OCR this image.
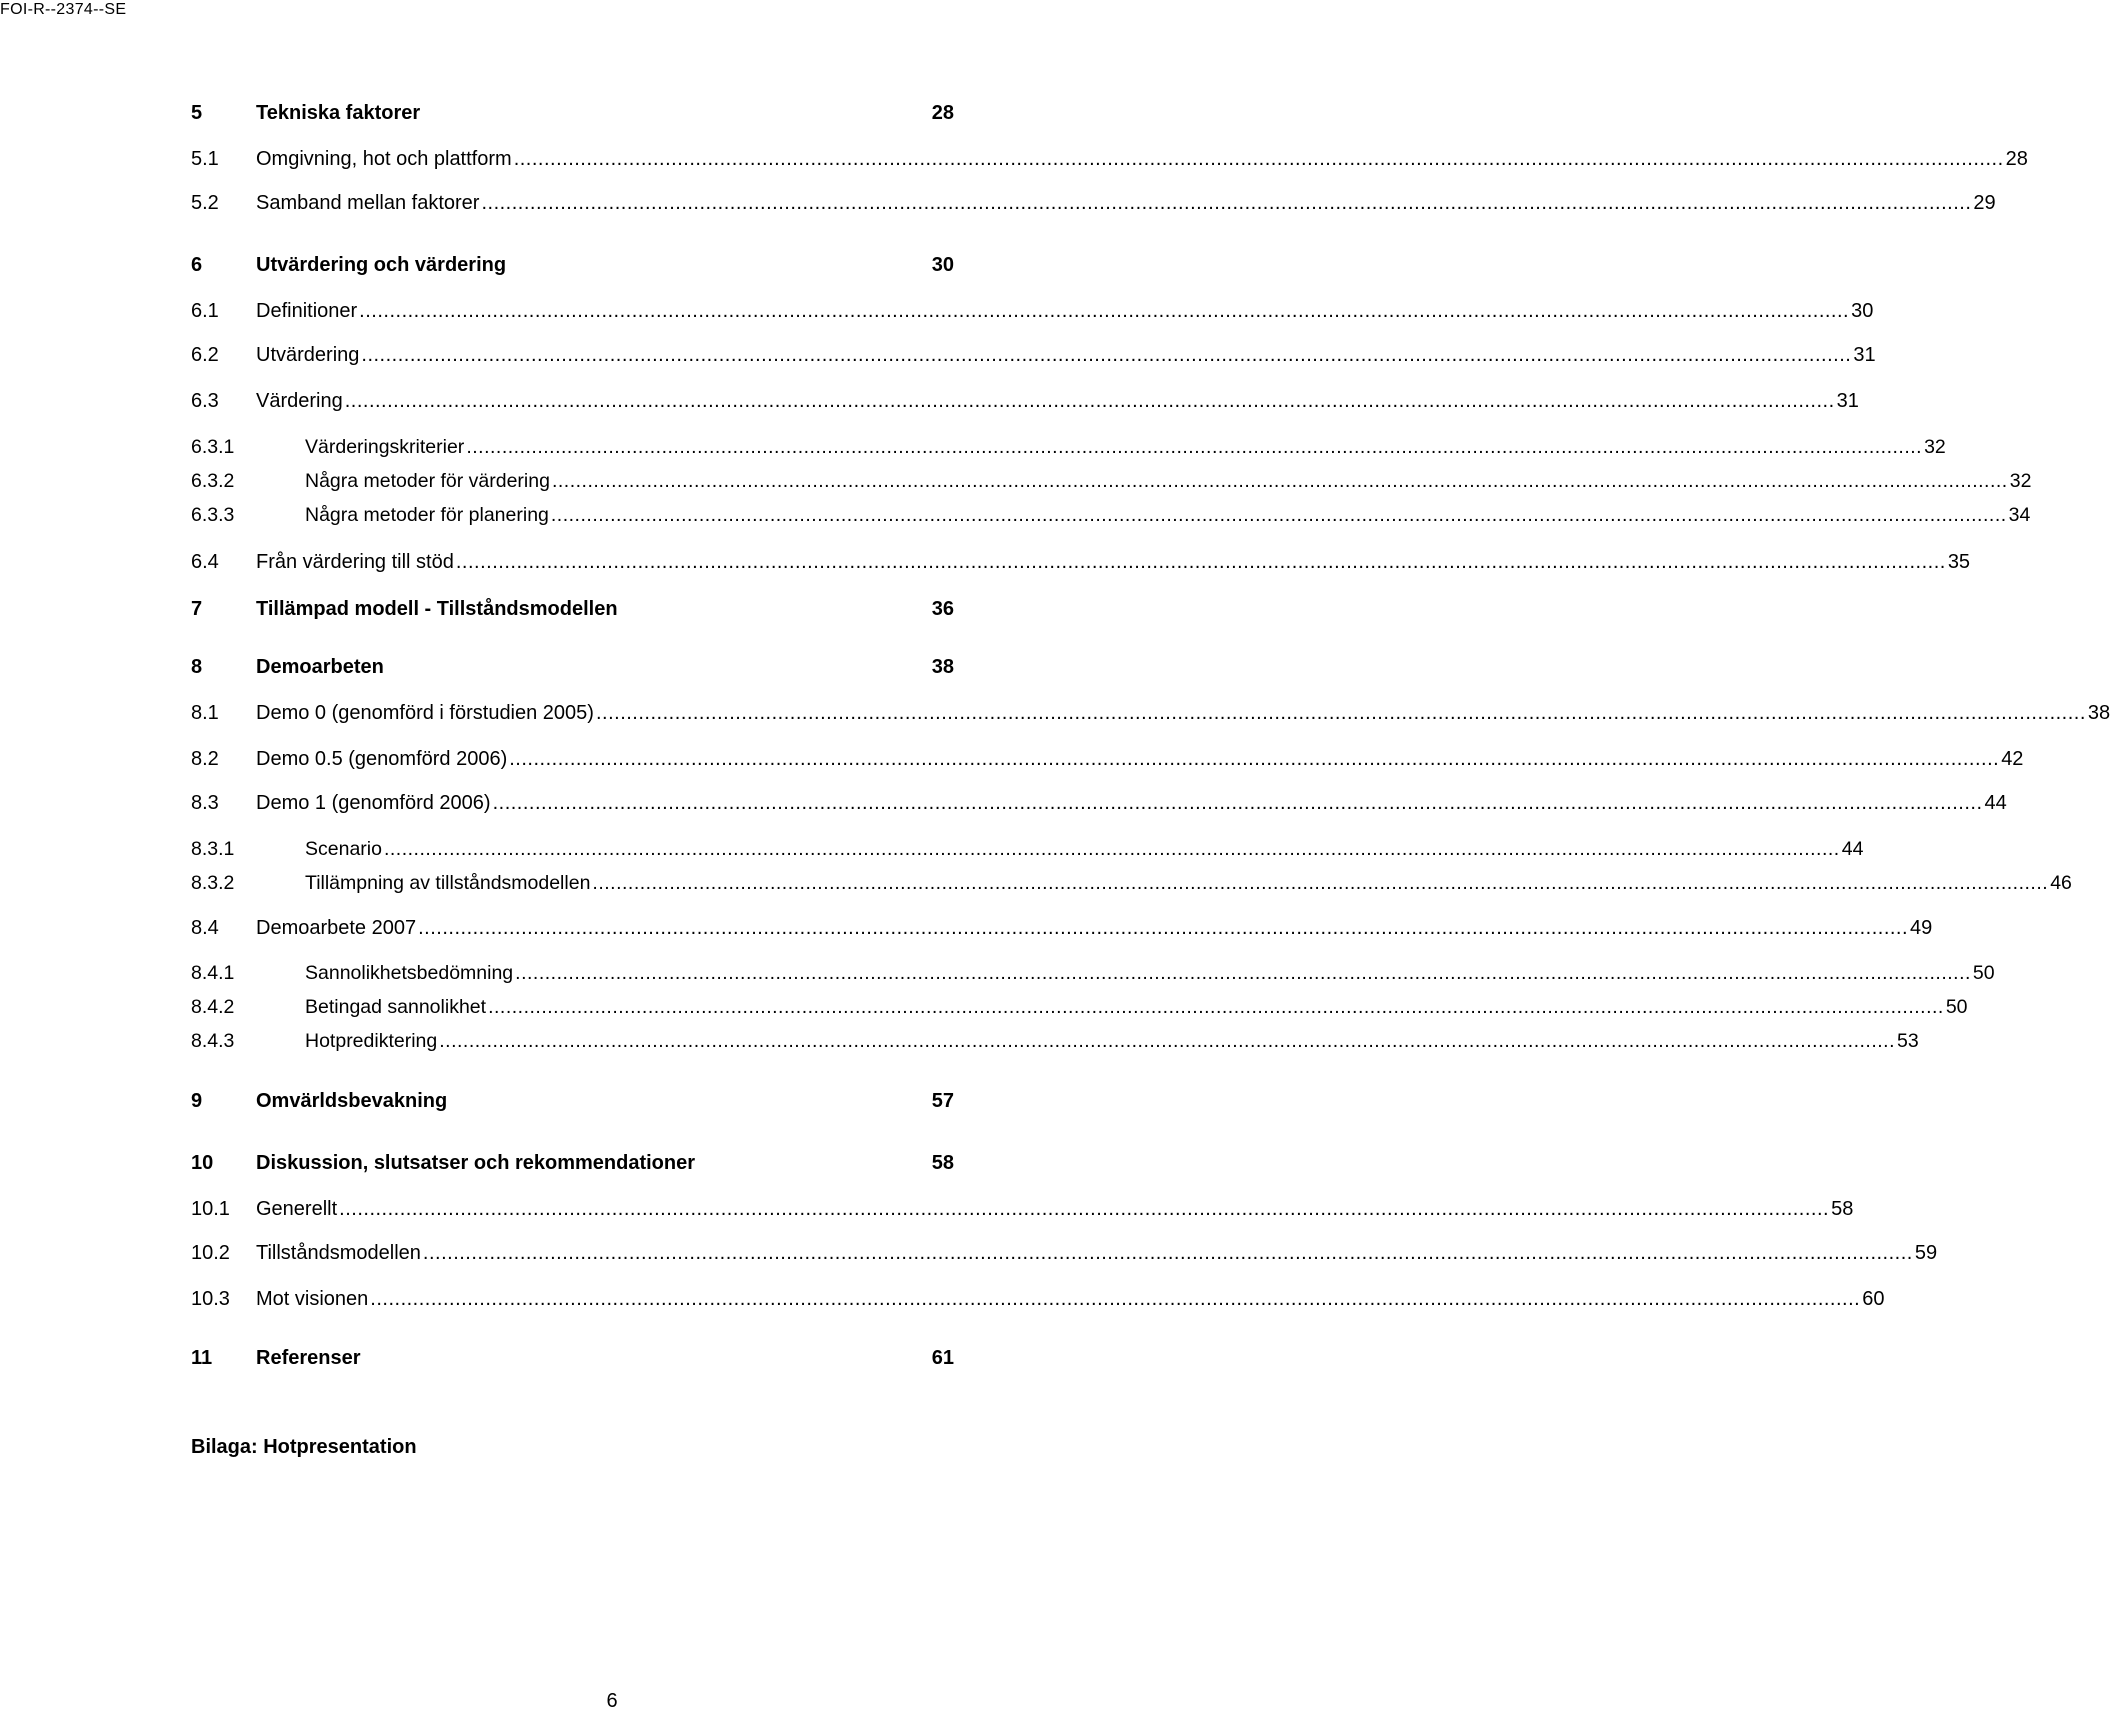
FOI-R--2374--SE
5	Tekniska faktorer	28
5.1	Omgivning, hot och plattform .....	28
5.2	Samband mellan faktorer .....	29
6	Utvärdering och värdering	30
6.1	Definitioner .....	30
6.2	Utvärdering .....	31
6.3	Värdering .....	31
6.3.1	Värderingskriterier .....	32
6.3.2	Några metoder för värdering .....	32
6.3.3	Några metoder för planering .....	34
6.4	Från värdering till stöd .....	35
7	Tillämpad modell - Tillståndsmodellen	36
8	Demoarbeten	38
8.1	Demo 0 (genomförd i förstudien 2005) .....	38
8.2	Demo 0.5 (genomförd 2006) .....	42
8.3	Demo 1 (genomförd 2006) .....	44
8.3.1	Scenario .....	44
8.3.2	Tillämpning av tillståndsmodellen .....	46
8.4	Demoarbete 2007 .....	49
8.4.1	Sannolikhetsbedömning .....	50
8.4.2	Betingad sannolikhet .....	50
8.4.3	Hotprediktering .....	53
9	Omvärldsbevakning	57
10	Diskussion, slutsatser och rekommendationer	58
10.1	Generellt .....	58
10.2	Tillståndsmodellen .....	59
10.3	Mot visionen .....	60
11	Referenser	61
Bilaga: Hotpresentation
6
